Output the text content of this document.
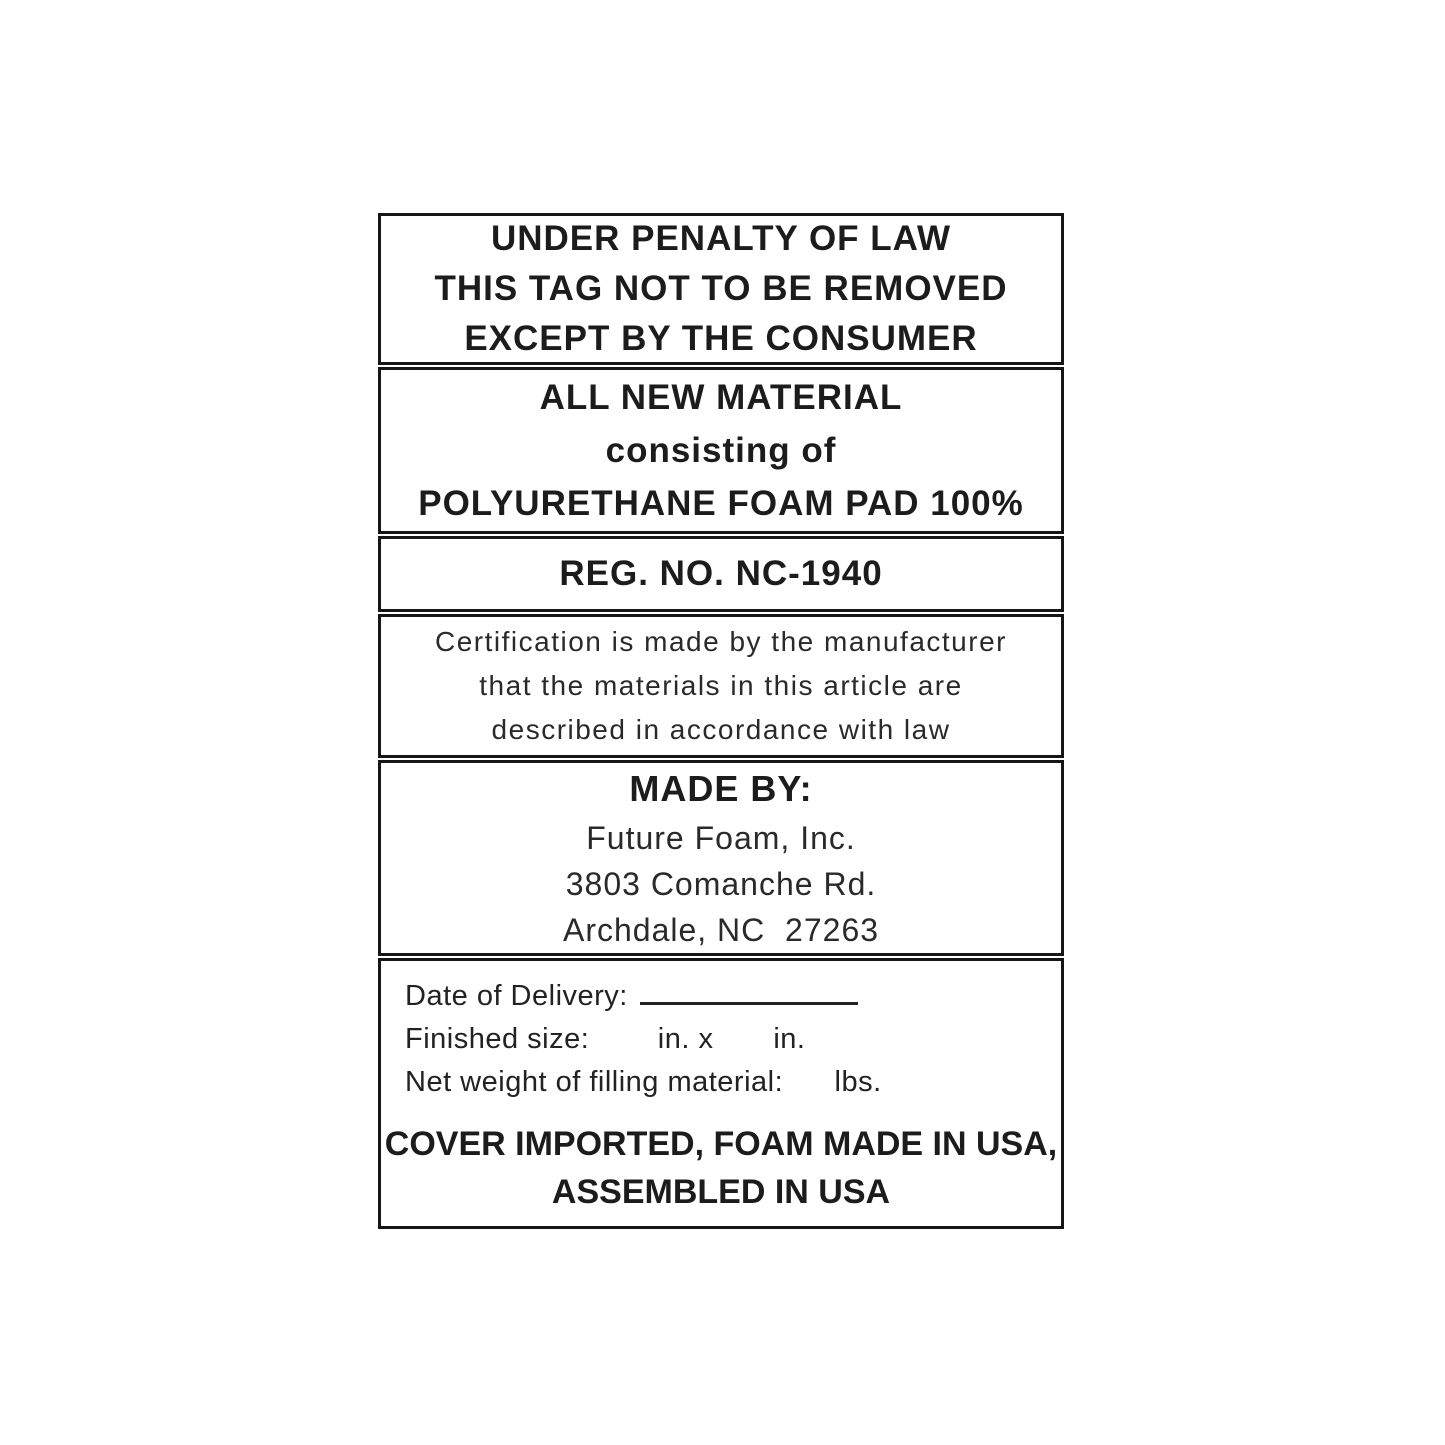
UNDER PENALTY OF LAW
THIS TAG NOT TO BE REMOVED
EXCEPT BY THE CONSUMER
ALL NEW MATERIAL
consisting of
POLYURETHANE FOAM PAD 100%
REG. NO. NC-1940
Certification is made by the manufacturer
that the materials in this article are
described in accordance with law
MADE BY:
Future Foam, Inc.
3803 Comanche Rd.
Archdale, NC  27263
Date of Delivery:
Finished size:        in. x       in.
Net weight of filling material:      lbs.
COVER IMPORTED, FOAM MADE IN USA,
ASSEMBLED IN USA
